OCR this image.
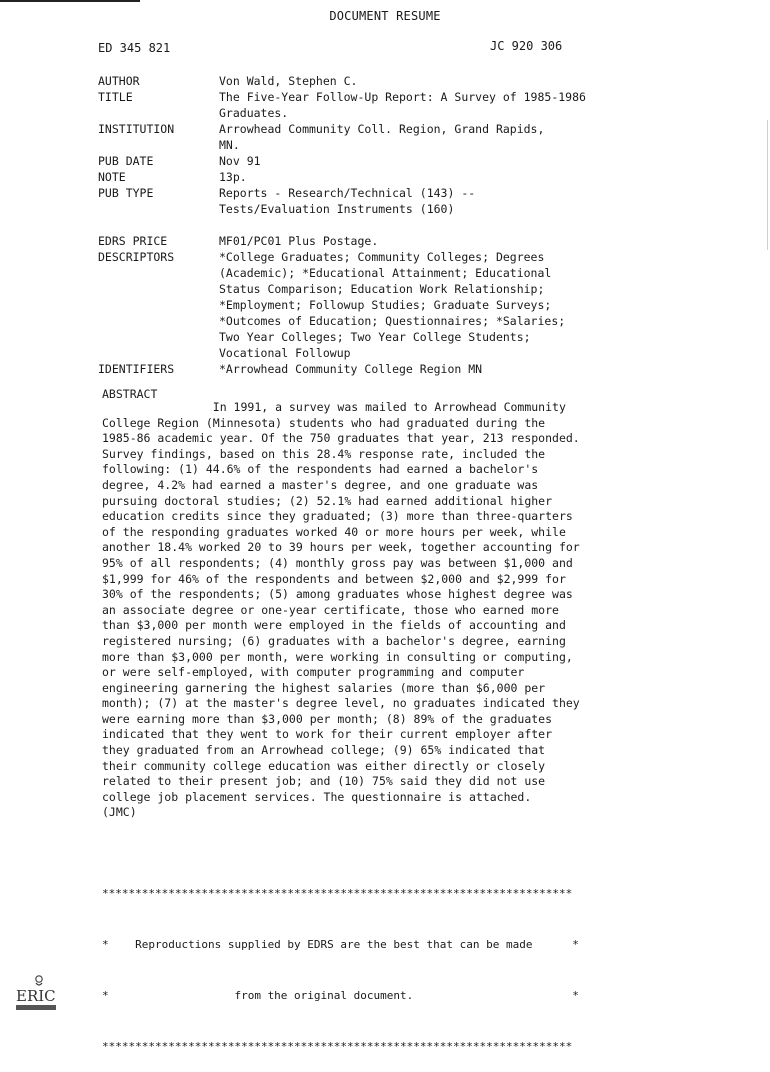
DOCUMENT RESUME
ED 345 821	JC 920 306
AUTHOR	Von Wald, Stephen C.
TITLE	The Five-Year Follow-Up Report: A Survey of 1985-1986
Graduates.
INSTITUTION	Arrowhead Community Coll. Region, Grand Rapids,
MN.
PUB DATE	Nov 91
NOTE	13p.
PUB TYPE	Reports - Research/Technical (143) --
Tests/Evaluation Instruments (160)
EDRS PRICE	MF01/PC01 Plus Postage.
DESCRIPTORS	*College Graduates; Community Colleges; Degrees
(Academic); *Educational Attainment; Educational
Status Comparison; Education Work Relationship;
*Employment; Followup Studies; Graduate Surveys;
*Outcomes of Education; Questionnaires; *Salaries;
Two Year Colleges; Two Year College Students;
Vocational Followup
IDENTIFIERS	*Arrowhead Community College Region MN
ABSTRACT
In 1991, a survey was mailed to Arrowhead Community
College Region (Minnesota) students who had graduated during the
1985-86 academic year. Of the 750 graduates that year, 213 responded.
Survey findings, based on this 28.4% response rate, included the
following: (1) 44.6% of the respondents had earned a bachelor's
degree, 4.2% had earned a master's degree, and one graduate was
pursuing doctoral studies; (2) 52.1% had earned additional higher
education credits since they graduated; (3) more than three-quarters
of the responding graduates worked 40 or more hours per week, while
another 18.4% worked 20 to 39 hours per week, together accounting for
95% of all respondents; (4) monthly gross pay was between $1,000 and
$1,999 for 46% of the respondents and between $2,000 and $2,999 for
30% of the respondents; (5) among graduates whose highest degree was
an associate degree or one-year certificate, those who earned more
than $3,000 per month were employed in the fields of accounting and
registered nursing; (6) graduates with a bachelor's degree, earning
more than $3,000 per month, were working in consulting or computing,
or were self-employed, with computer programming and computer
engineering garnering the highest salaries (more than $6,000 per
month); (7) at the master's degree level, no graduates indicated they
were earning more than $3,000 per month; (8) 89% of the graduates
indicated that they went to work for their current employer after
they graduated from an Arrowhead college; (9) 65% indicated that
their community college education was either directly or closely
related to their present job; and (10) 75% said they did not use
college job placement services. The questionnaire is attached.
(JMC)

***********************************************************************

*    Reproductions supplied by EDRS are the best that can be made      *

*                   from the original document.                        *

***********************************************************************

ERIC
